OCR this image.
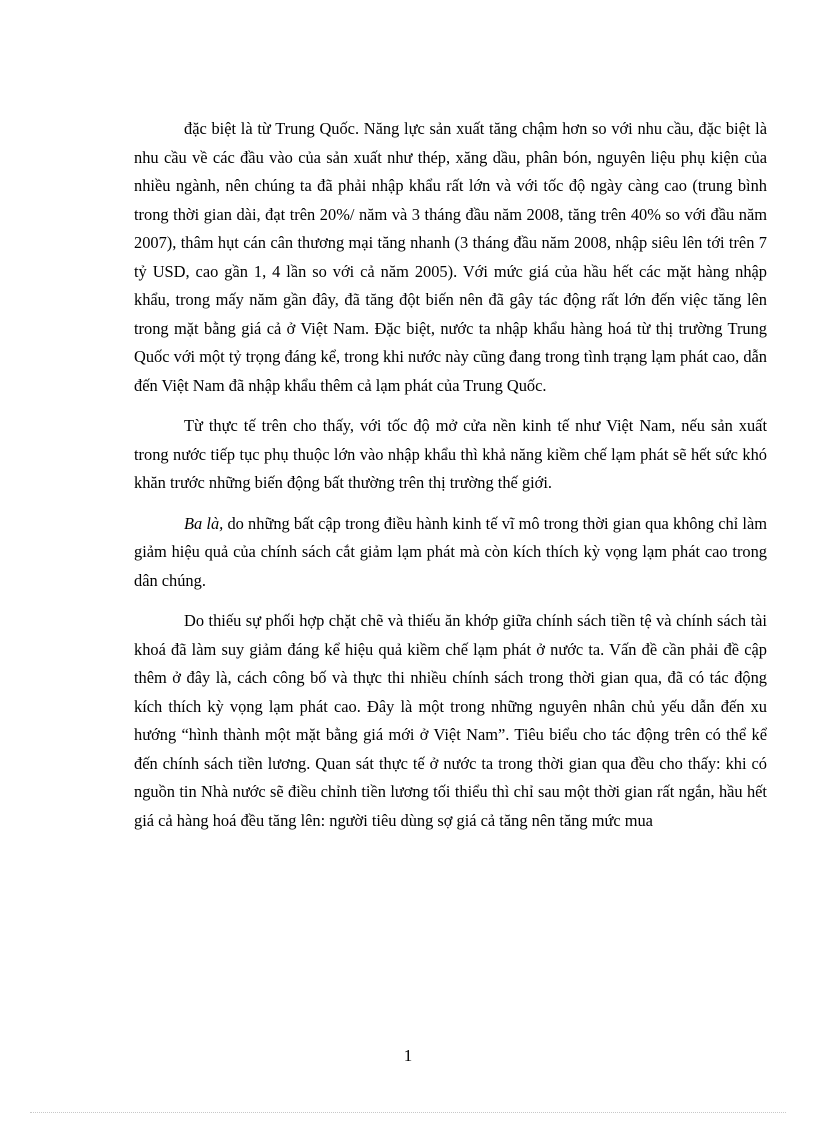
đặc biệt là từ Trung Quốc. Năng lực sản xuất tăng chậm hơn so với nhu cầu, đặc biệt là nhu cầu về các đầu vào của sản xuất như thép, xăng dầu, phân bón, nguyên liệu phụ kiện của nhiều ngành, nên chúng ta đã phải nhập khẩu rất lớn và với tốc độ ngày càng cao (trung bình trong thời gian dài, đạt trên 20%/ năm và 3 tháng đầu năm 2008, tăng trên 40% so với đầu năm 2007), thâm hụt cán cân thương mại tăng nhanh (3 tháng đầu năm 2008, nhập siêu lên tới trên 7 tỷ USD, cao gần 1, 4 lần so với cả năm 2005). Với mức giá của hầu hết các mặt hàng nhập khẩu, trong mấy năm gần đây, đã tăng đột biến nên đã gây tác động rất lớn đến việc tăng lên trong mặt bằng giá cả ở Việt Nam. Đặc biệt, nước ta nhập khẩu hàng hoá từ thị trường Trung Quốc với một tỷ trọng đáng kể, trong khi nước này cũng đang trong tình trạng lạm phát cao, dẫn đến Việt Nam đã nhập khẩu thêm cả lạm phát của Trung Quốc.

Từ thực tế trên cho thấy, với tốc độ mở cửa nền kinh tế như Việt Nam, nếu sản xuất trong nước tiếp tục phụ thuộc lớn vào nhập khẩu thì khả năng kiềm chế lạm phát sẽ hết sức khó khăn trước những biến động bất thường trên thị trường thế giới.

Ba là, do những bất cập trong điều hành kinh tế vĩ mô trong thời gian qua không chỉ làm giảm hiệu quả của chính sách cắt giảm lạm phát mà còn kích thích kỳ vọng lạm phát cao trong dân chúng.

Do thiếu sự phối hợp chặt chẽ và thiếu ăn khớp giữa chính sách tiền tệ và chính sách tài khoá đã làm suy giảm đáng kể hiệu quả kiềm chế lạm phát ở nước ta. Vấn đề cần phải đề cập thêm ở đây là, cách công bố và thực thi nhiều chính sách trong thời gian qua, đã có tác động kích thích kỳ vọng lạm phát cao. Đây là một trong những nguyên nhân chủ yếu dẫn đến xu hướng “hình thành một mặt bằng giá mới ở Việt Nam”. Tiêu biểu cho tác động trên có thể kể đến chính sách tiền lương. Quan sát thực tế ở nước ta trong thời gian qua đều cho thấy: khi có nguồn tin Nhà nước sẽ điều chỉnh tiền lương tối thiểu thì chỉ sau một thời gian rất ngắn, hầu hết giá cả hàng hoá đều tăng lên: người tiêu dùng sợ giá cả tăng nên tăng mức mua

1
